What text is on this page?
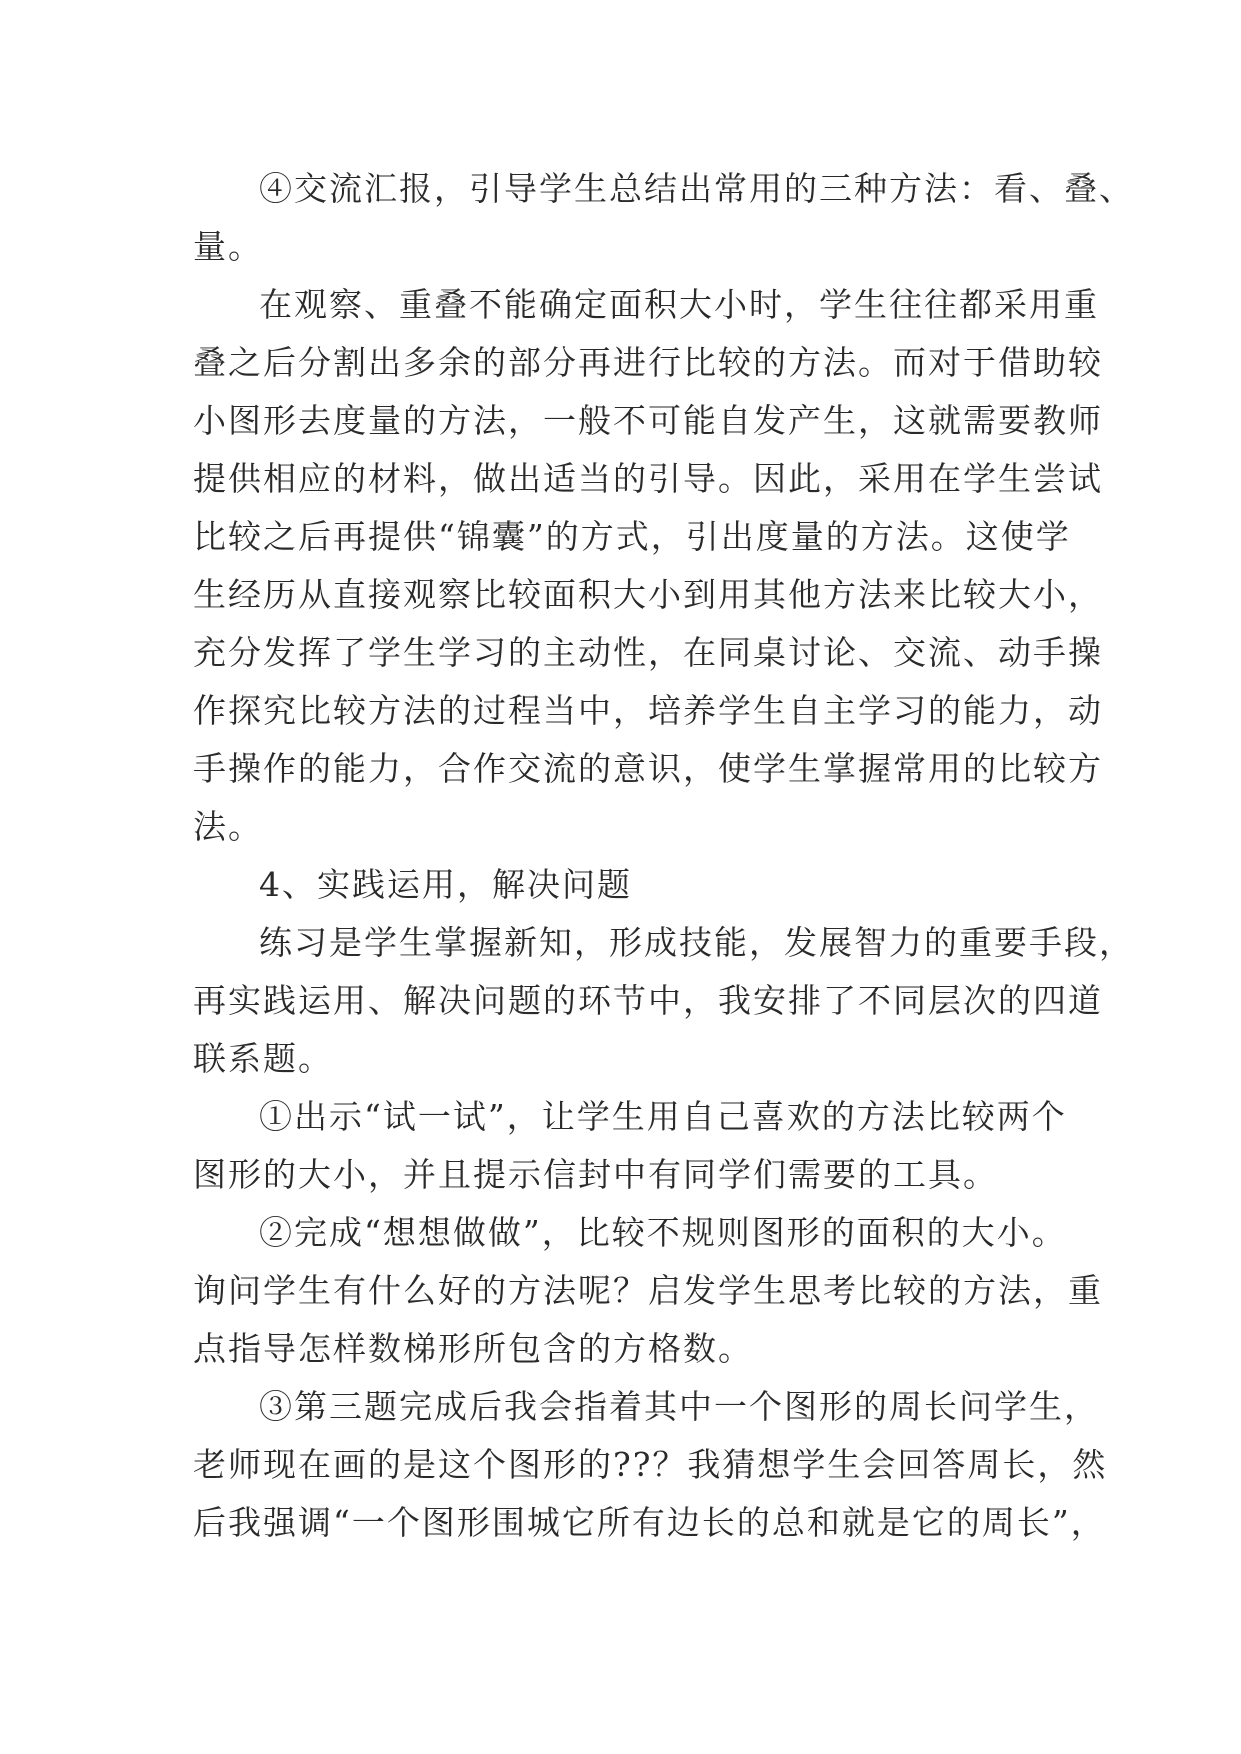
④交流汇报，引导学生总结出常用的三种方法：看、叠、
量。
在观察、重叠不能确定面积大小时，学生往往都采用重
叠之后分割出多余的部分再进行比较的方法。而对于借助较
小图形去度量的方法，一般不可能自发产生，这就需要教师
提供相应的材料，做出适当的引导。因此，采用在学生尝试
比较之后再提供“锦囊”的方式，引出度量的方法。这使学
生经历从直接观察比较面积大小到用其他方法来比较大小，
充分发挥了学生学习的主动性，在同桌讨论、交流、动手操
作探究比较方法的过程当中，培养学生自主学习的能力，动
手操作的能力，合作交流的意识，使学生掌握常用的比较方
法。
4、实践运用，解决问题
练习是学生掌握新知，形成技能，发展智力的重要手段，
再实践运用、解决问题的环节中，我安排了不同层次的四道
联系题。
①出示“试一试”，让学生用自己喜欢的方法比较两个
图形的大小，并且提示信封中有同学们需要的工具。
②完成“想想做做”，比较不规则图形的面积的大小。
询问学生有什么好的方法呢？启发学生思考比较的方法，重
点指导怎样数梯形所包含的方格数。
③第三题完成后我会指着其中一个图形的周长问学生，
老师现在画的是这个图形的??？我猜想学生会回答周长，然
后我强调“一个图形围城它所有边长的总和就是它的周长”，
